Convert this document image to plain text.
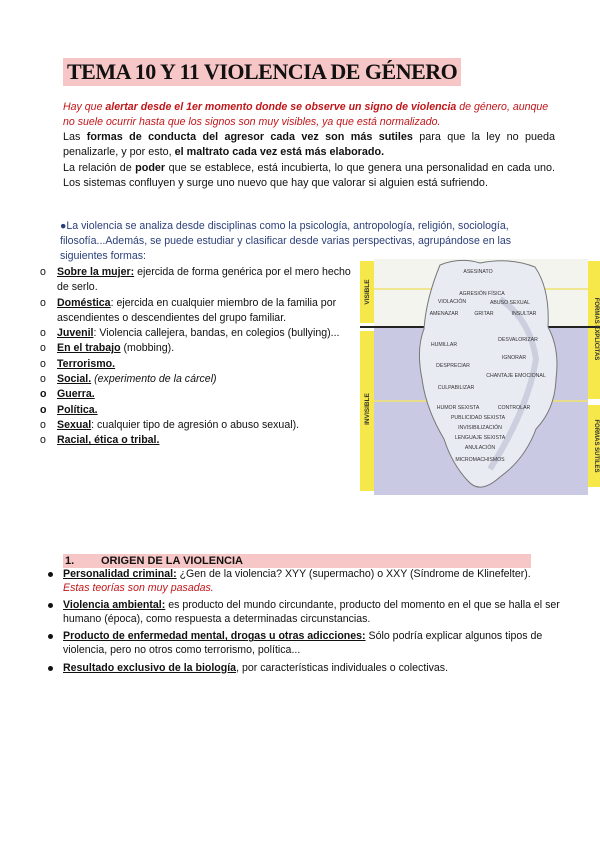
TEMA 10 Y 11 VIOLENCIA DE GÉNERO
Hay que alertar desde el 1er momento donde se observe un signo de violencia de género, aunque no suele ocurrir hasta que los signos son muy visibles, ya que está normalizado.
Las formas de conducta del agresor cada vez son más sutiles para que la ley no pueda penalizarle, y por esto, el maltrato cada vez está más elaborado.
La relación de poder que se establece, está incubierta, lo que genera una personalidad en cada uno. Los sistemas confluyen y surge uno nuevo que hay que valorar si alguien está sufriendo.
●La violencia se analiza desde disciplinas como la psicología, antropología, religión, sociología, filosofía...Además, se puede estudiar y clasificar desde varias perspectivas, agrupándose en las siguientes formas:
o Sobre la mujer: ejercida de forma genérica por el mero hecho de serlo.
o Doméstica: ejercida en cualquier miembro de la familia por ascendientes o descendientes del grupo familiar.
o Juvenil: Violencia callejera, bandas, en colegios (bullying)...
o En el trabajo (mobbing).
o Terrorismo.
o Social. (experimento de la cárcel)
o Guerra.
o Política.
o Sexual: cualquier tipo de agresión o abuso sexual).
o Racial, ética o tribal.
VISIBLE
INVISIBLE
FORMAS EXPLÍCITAS
FORMAS SUTILES
ASESINATO
AGRESIÓN FÍSICA
VIOLACIÓN	ABUSO SEXUAL
AMENAZAR	GRITAR	INSULTAR
HUMILLAR
DESVALORIZAR
IGNORAR
DESPRECIAR
CHANTAJE EMOCIONAL
CULPABILIZAR
HUMOR SEXISTA	CONTROLAR
PUBLICIDAD SEXISTA
INVISIBILIZACIÓN
LENGUAJE SEXISTA
ANULACIÓN
MICROMACHISMOS
1. ORIGEN DE LA VIOLENCIA
Personalidad criminal: ¿Gen de la violencia? XYY (supermacho) o XXY (Síndrome de Klinefelter).
Estas teorías son muy pasadas.
Violencia ambiental: es producto del mundo circundante, producto del momento en el que se halla el ser humano (época), como respuesta a determinadas circunstancias.
Producto de enfermedad mental, drogas u otras adicciones: Sólo podría explicar algunos tipos de violencia, pero no otros como terrorismo, política...
Resultado exclusivo de la biología, por características individuales o colectivas.
